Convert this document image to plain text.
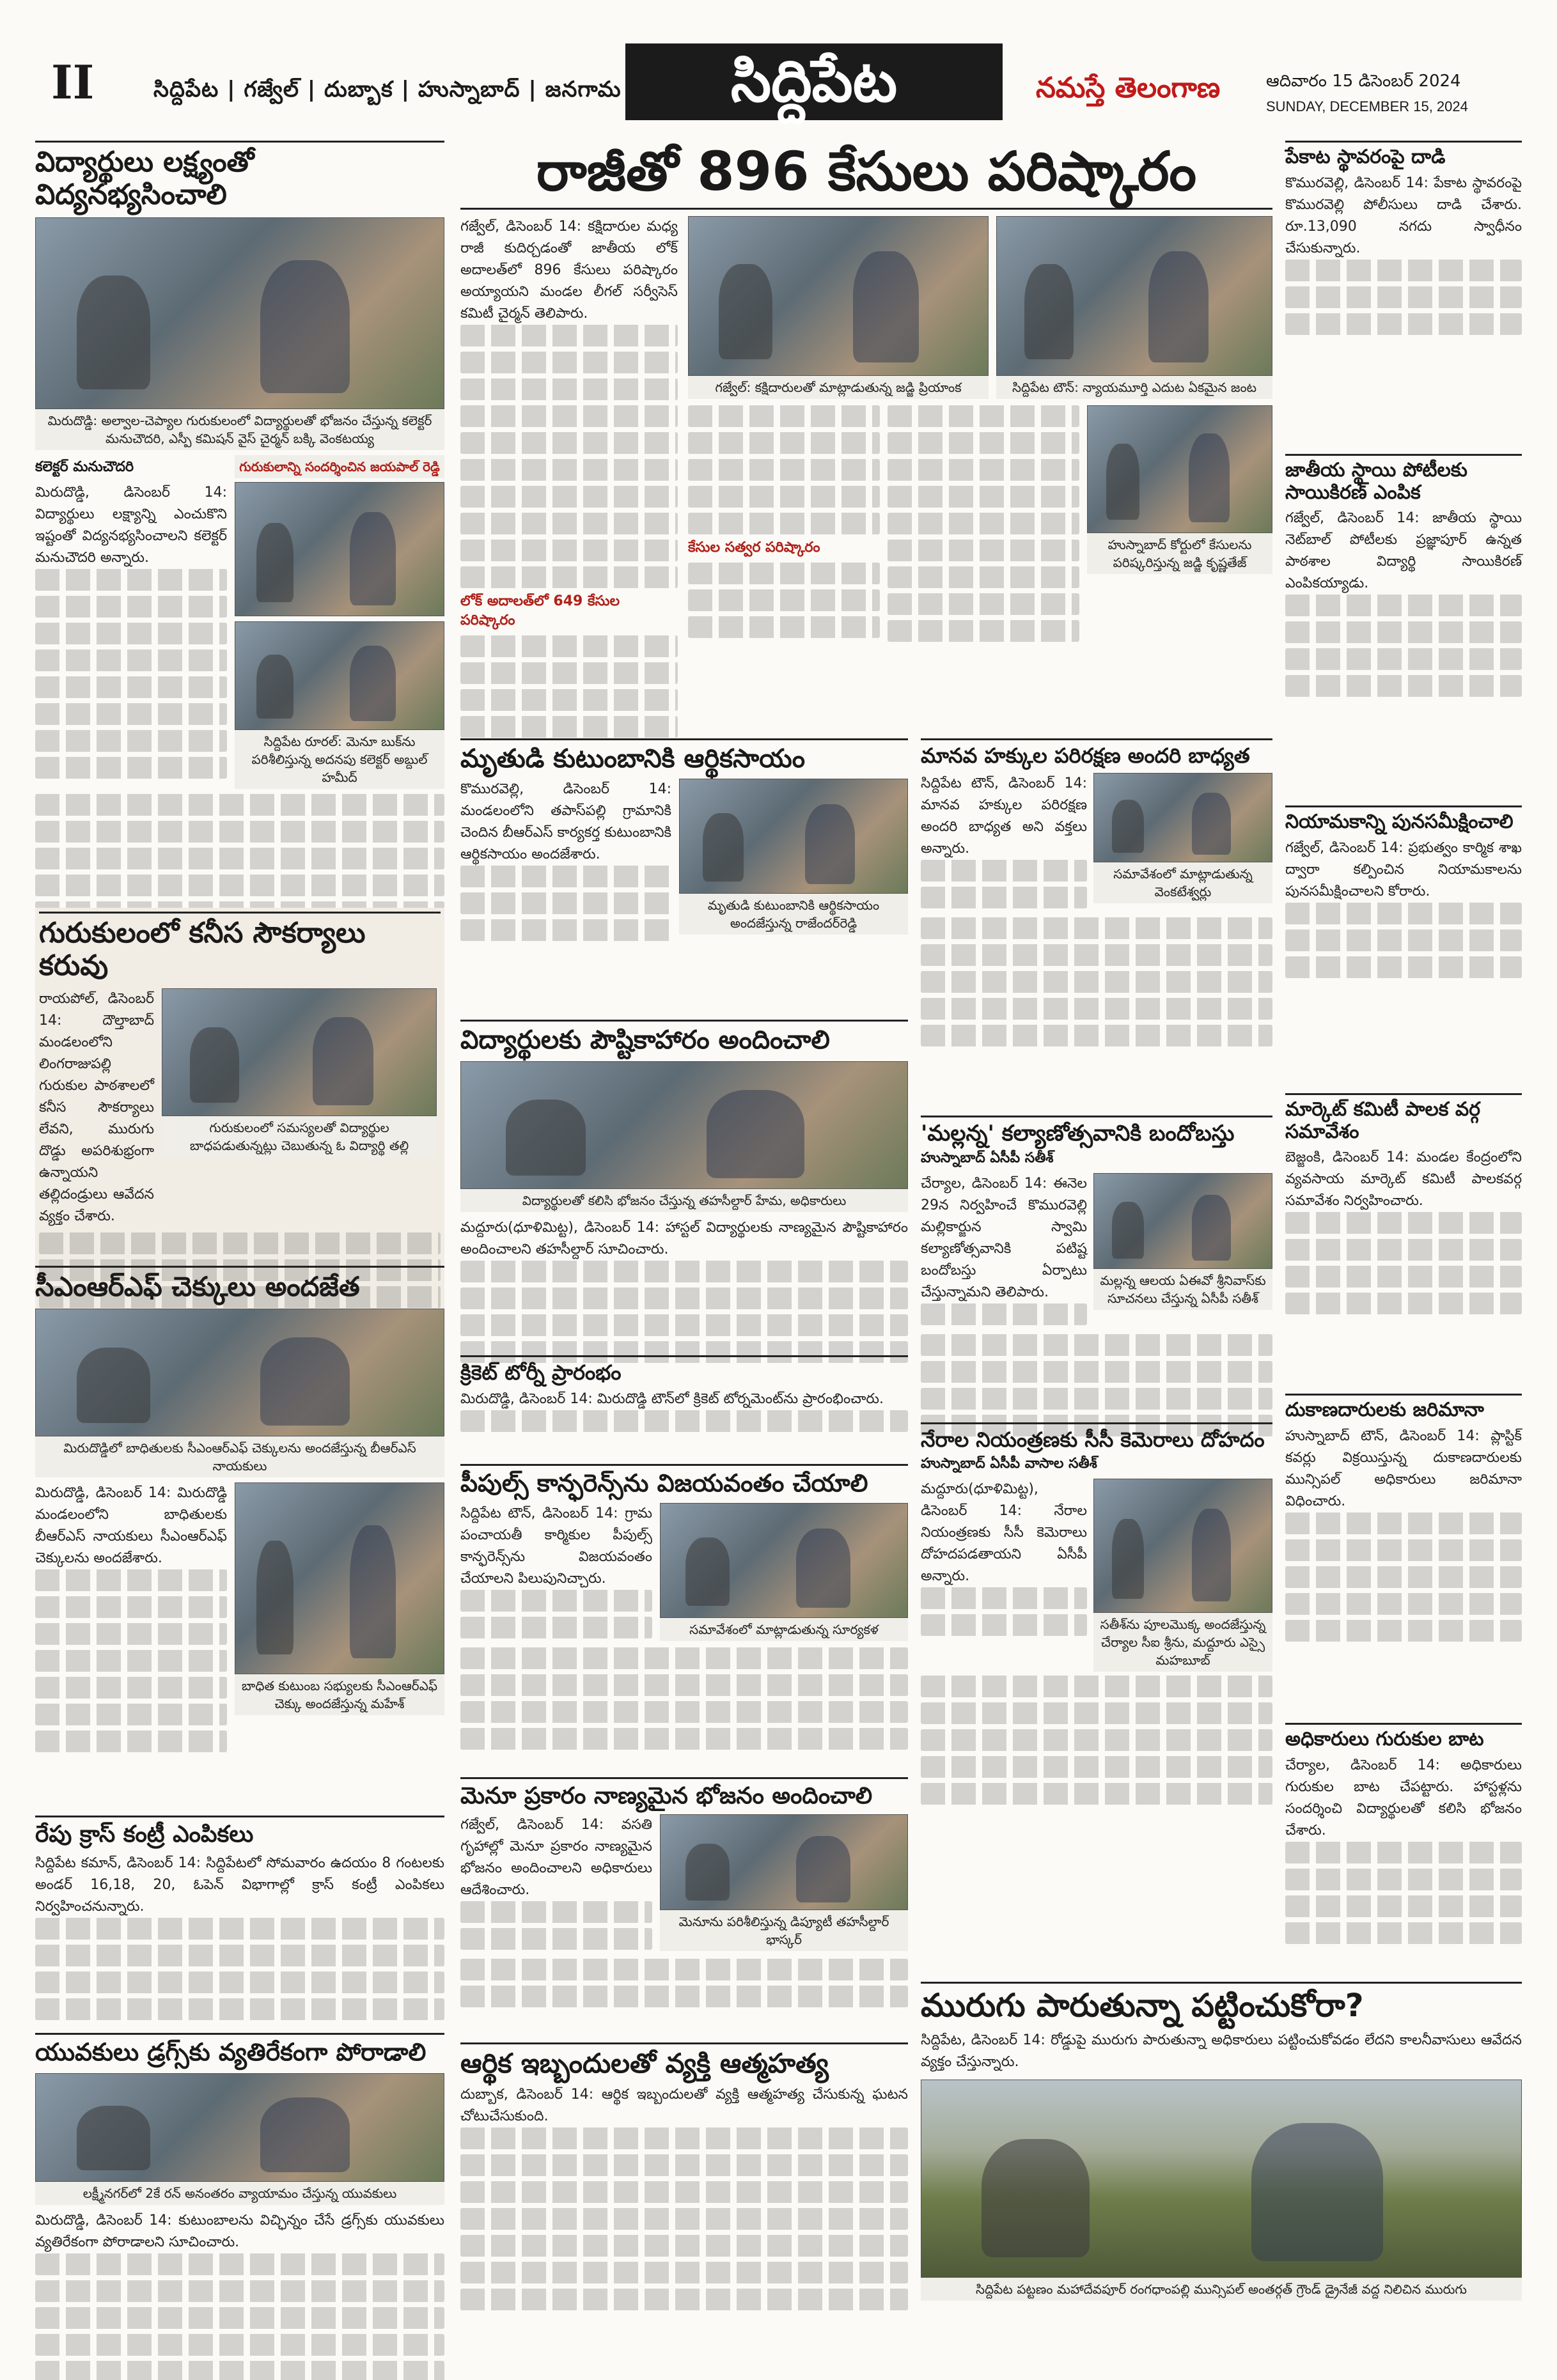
II	సిద్దిపేట | గజ్వేల్ | దుబ్బాక | హుస్నాబాద్ | జనగామ	సిద్దిపేట	నమస్తే తెలంగాణ	ఆదివారం 15 డిసెంబర్ 2024
SUNDAY, DECEMBER 15, 2024
విద్యార్థులు లక్ష్యంతో విద్యనభ్యసించాలి
మిరుదొడ్డి: అల్వాల-చెప్యాల గురుకులంలో విద్యార్థులతో భోజనం చేస్తున్న కలెక్టర్ మనుచౌదరి, ఎస్పీ కమిషన్ వైస్ చైర్మన్ బక్కి వెంకటయ్య
కలెక్టర్ మనుచౌదరి
మిరుదొడ్డి, డిసెంబర్ 14: విద్యార్థులు లక్ష్యాన్ని ఎంచుకొని ఇష్టంతో విద్యనభ్యసించాలని కలెక్టర్ మనుచౌదరి అన్నారు.
గురుకులాన్ని సందర్శించిన జయపాల్ రెడ్డి
సిద్దిపేట రూరల్: మెనూ బుక్‌ను పరిశీలిస్తున్న అదనపు కలెక్టర్ అబ్దుల్ హమీద్
గురుకులంలో కనీస సౌకర్యాలు కరువు
రాయపోల్, డిసెంబర్ 14: దౌల్తాబాద్ మండలంలోని లింగరాజుపల్లి గురుకుల పాఠశాలలో కనీస సౌకర్యాలు లేవని, మురుగు దొడ్డు అపరిశుభ్రంగా ఉన్నాయని తల్లిదండ్రులు ఆవేదన వ్యక్తం చేశారు.
గురుకులంలో సమస్యలతో విద్యార్థుల బాధపడుతున్నట్లు చెబుతున్న ఓ విద్యార్థి తల్లి
సీఎంఆర్‌ఎఫ్ చెక్కులు అందజేత
మిరుదొడ్డిలో బాధితులకు సీఎంఆర్‌ఎఫ్ చెక్కులను అందజేస్తున్న బీఆర్‌ఎస్ నాయకులు
మిరుదొడ్డి, డిసెంబర్ 14: మిరుదొడ్డి మండలంలోని బాధితులకు బీఆర్‌ఎస్ నాయకులు సీఎంఆర్‌ఎఫ్ చెక్కులను అందజేశారు.
బాధిత కుటుంబ సభ్యులకు సీఎంఆర్‌ఎఫ్ చెక్కు అందజేస్తున్న మహేశ్
రేపు క్రాస్ కంట్రీ ఎంపికలు
సిద్దిపేట కమాన్, డిసెంబర్ 14: సిద్దిపేటలో సోమవారం ఉదయం 8 గంటలకు అండర్ 16,18, 20, ఓపెన్ విభాగాల్లో క్రాస్ కంట్రీ ఎంపికలు నిర్వహించనున్నారు.
యువకులు డ్రగ్స్‌కు వ్యతిరేకంగా పోరాడాలి
లక్ష్మీనగర్‌లో 2కే రన్ అనంతరం వ్యాయామం చేస్తున్న యువకులు
మిరుదొడ్డి, డిసెంబర్ 14: కుటుంబాలను విచ్ఛిన్నం చేసే డ్రగ్స్‌కు యువకులు వ్యతిరేకంగా పోరాడాలని సూచించారు.
రాజీతో 896 కేసులు పరిష్కారం
గజ్వేల్, డిసెంబర్ 14: కక్షిదారుల మధ్య రాజీ కుదిర్చడంతో జాతీయ లోక్ అదాలత్‌లో 896 కేసులు పరిష్కారం అయ్యాయని మండల లీగల్ సర్వీసెస్ కమిటీ చైర్మన్ తెలిపారు.
లోక్ అదాలత్‌లో 649 కేసుల పరిష్కారం
గజ్వేల్: కక్షిదారులతో మాట్లాడుతున్న జడ్జి ప్రియాంక	సిద్దిపేట టౌన్: న్యాయమూర్తి ఎదుట ఏకమైన జంట
కేసుల సత్వర పరిష్కారం	హుస్నాబాద్ కోర్టులో కేసులను పరిష్కరిస్తున్న జడ్జి కృష్ణతేజ్
మృతుడి కుటుంబానికి ఆర్థికసాయం
కొమురవెల్లి, డిసెంబర్ 14: మండలంలోని తపాస్‌పల్లి గ్రామానికి చెందిన బీఆర్‌ఎస్ కార్యకర్త కుటుంబానికి ఆర్థికసాయం అందజేశారు.
మృతుడి కుటుంబానికి ఆర్థికసాయం అందజేస్తున్న రాజేందర్‌రెడ్డి
విద్యార్థులకు పౌష్టికాహారం అందించాలి
విద్యార్థులతో కలిసి భోజనం చేస్తున్న తహసీల్దార్ హేమ, అధికారులు
మద్దూరు(ధూళిమిట్ట), డిసెంబర్ 14: హాస్టల్ విద్యార్థులకు నాణ్యమైన పౌష్టికాహారం అందించాలని తహసీల్దార్ సూచించారు.
క్రికెట్ టోర్నీ ప్రారంభం
మిరుదొడ్డి, డిసెంబర్ 14: మిరుదొడ్డి టౌన్‌లో క్రికెట్ టోర్నమెంట్‌ను ప్రారంభించారు.
పీపుల్స్ కాన్ఫరెన్స్‌ను విజయవంతం చేయాలి
సిద్దిపేట టౌన్, డిసెంబర్ 14: గ్రామ పంచాయతీ కార్మికుల పీపుల్స్ కాన్ఫరెన్స్‌ను విజయవంతం చేయాలని పిలుపునిచ్చారు.
సమావేశంలో మాట్లాడుతున్న సూర్యకళ
మెనూ ప్రకారం నాణ్యమైన భోజనం అందించాలి
గజ్వేల్, డిసెంబర్ 14: వసతి గృహాల్లో మెనూ ప్రకారం నాణ్యమైన భోజనం అందించాలని అధికారులు ఆదేశించారు.
మెనూను పరిశీలిస్తున్న డిప్యూటీ తహసీల్దార్ భాస్కర్
ఆర్థిక ఇబ్బందులతో వ్యక్తి ఆత్మహత్య
దుబ్బాక, డిసెంబర్ 14: ఆర్థిక ఇబ్బందులతో వ్యక్తి ఆత్మహత్య చేసుకున్న ఘటన చోటుచేసుకుంది.
మానవ హక్కుల పరిరక్షణ అందరి బాధ్యత
సిద్దిపేట టౌన్, డిసెంబర్ 14: మానవ హక్కుల పరిరక్షణ అందరి బాధ్యత అని వక్తలు అన్నారు.
సమావేశంలో మాట్లాడుతున్న వెంకటేశ్వర్లు
'మల్లన్న' కల్యాణోత్సవానికి బందోబస్తు
హుస్నాబాద్ ఏసీపీ సతీశ్
చేర్యాల, డిసెంబర్ 14: ఈనెల 29న నిర్వహించే కొమురవెల్లి మల్లికార్జున స్వామి కల్యాణోత్సవానికి పటిష్ట బందోబస్తు ఏర్పాటు చేస్తున్నామని తెలిపారు.
మల్లన్న ఆలయ ఏఈవో శ్రీనివాస్‌కు సూచనలు చేస్తున్న ఏసీపీ సతీశ్
నేరాల నియంత్రణకు సీసీ కెమెరాలు దోహదం
హుస్నాబాద్ ఏసీపీ వాసాల సతీశ్
మద్దూరు(ధూళిమిట్ట), డిసెంబర్ 14: నేరాల నియంత్రణకు సీసీ కెమెరాలు దోహదపడతాయని ఏసీపీ అన్నారు.
సతీశ్‌ను పూలమొక్క అందజేస్తున్న చేర్యాల సీఐ శ్రీను, మద్దూరు ఎస్సై మహబూబ్
పేకాట స్థావరంపై దాడి
కొమురవెల్లి, డిసెంబర్ 14: పేకాట స్థావరంపై కొమురవెల్లి పోలీసులు దాడి చేశారు. రూ.13,090 నగదు స్వాధీనం చేసుకున్నారు.
జాతీయ స్థాయి పోటీలకు సాయికిరణ్ ఎంపిక
గజ్వేల్, డిసెంబర్ 14: జాతీయ స్థాయి నెట్‌బాల్ పోటీలకు ప్రజ్ఞాపూర్ ఉన్నత పాఠశాల విద్యార్థి సాయికిరణ్ ఎంపికయ్యాడు.
నియామకాన్ని పునసమీక్షించాలి
గజ్వేల్, డిసెంబర్ 14: ప్రభుత్వం కార్మిక శాఖ ద్వారా కల్పించిన నియామకాలను పునసమీక్షించాలని కోరారు.
మార్కెట్ కమిటీ పాలక వర్గ సమావేశం
బెజ్జంకి, డిసెంబర్ 14: మండల కేంద్రంలోని వ్యవసాయ మార్కెట్ కమిటీ పాలకవర్గ సమావేశం నిర్వహించారు.
దుకాణదారులకు జరిమానా
హుస్నాబాద్ టౌన్, డిసెంబర్ 14: ప్లాస్టిక్ కవర్లు విక్రయిస్తున్న దుకాణదారులకు మున్సిపల్ అధికారులు జరిమానా విధించారు.
అధికారులు గురుకుల బాట
చేర్యాల, డిసెంబర్ 14: అధికారులు గురుకుల బాట చేపట్టారు. హాస్టళ్లను సందర్శించి విద్యార్థులతో కలిసి భోజనం చేశారు.
మురుగు పారుతున్నా పట్టించుకోరా?
సిద్దిపేట, డిసెంబర్ 14: రోడ్డుపై మురుగు పారుతున్నా అధికారులు పట్టించుకోవడం లేదని కాలనీవాసులు ఆవేదన వ్యక్తం చేస్తున్నారు.
సిద్దిపేట పట్టణం మహాదేవపూర్ రంగధాంపల్లి మున్సిపల్ అంతర్గత్ గ్రౌండ్ డ్రైనేజీ వద్ద నిలిచిన మురుగు
